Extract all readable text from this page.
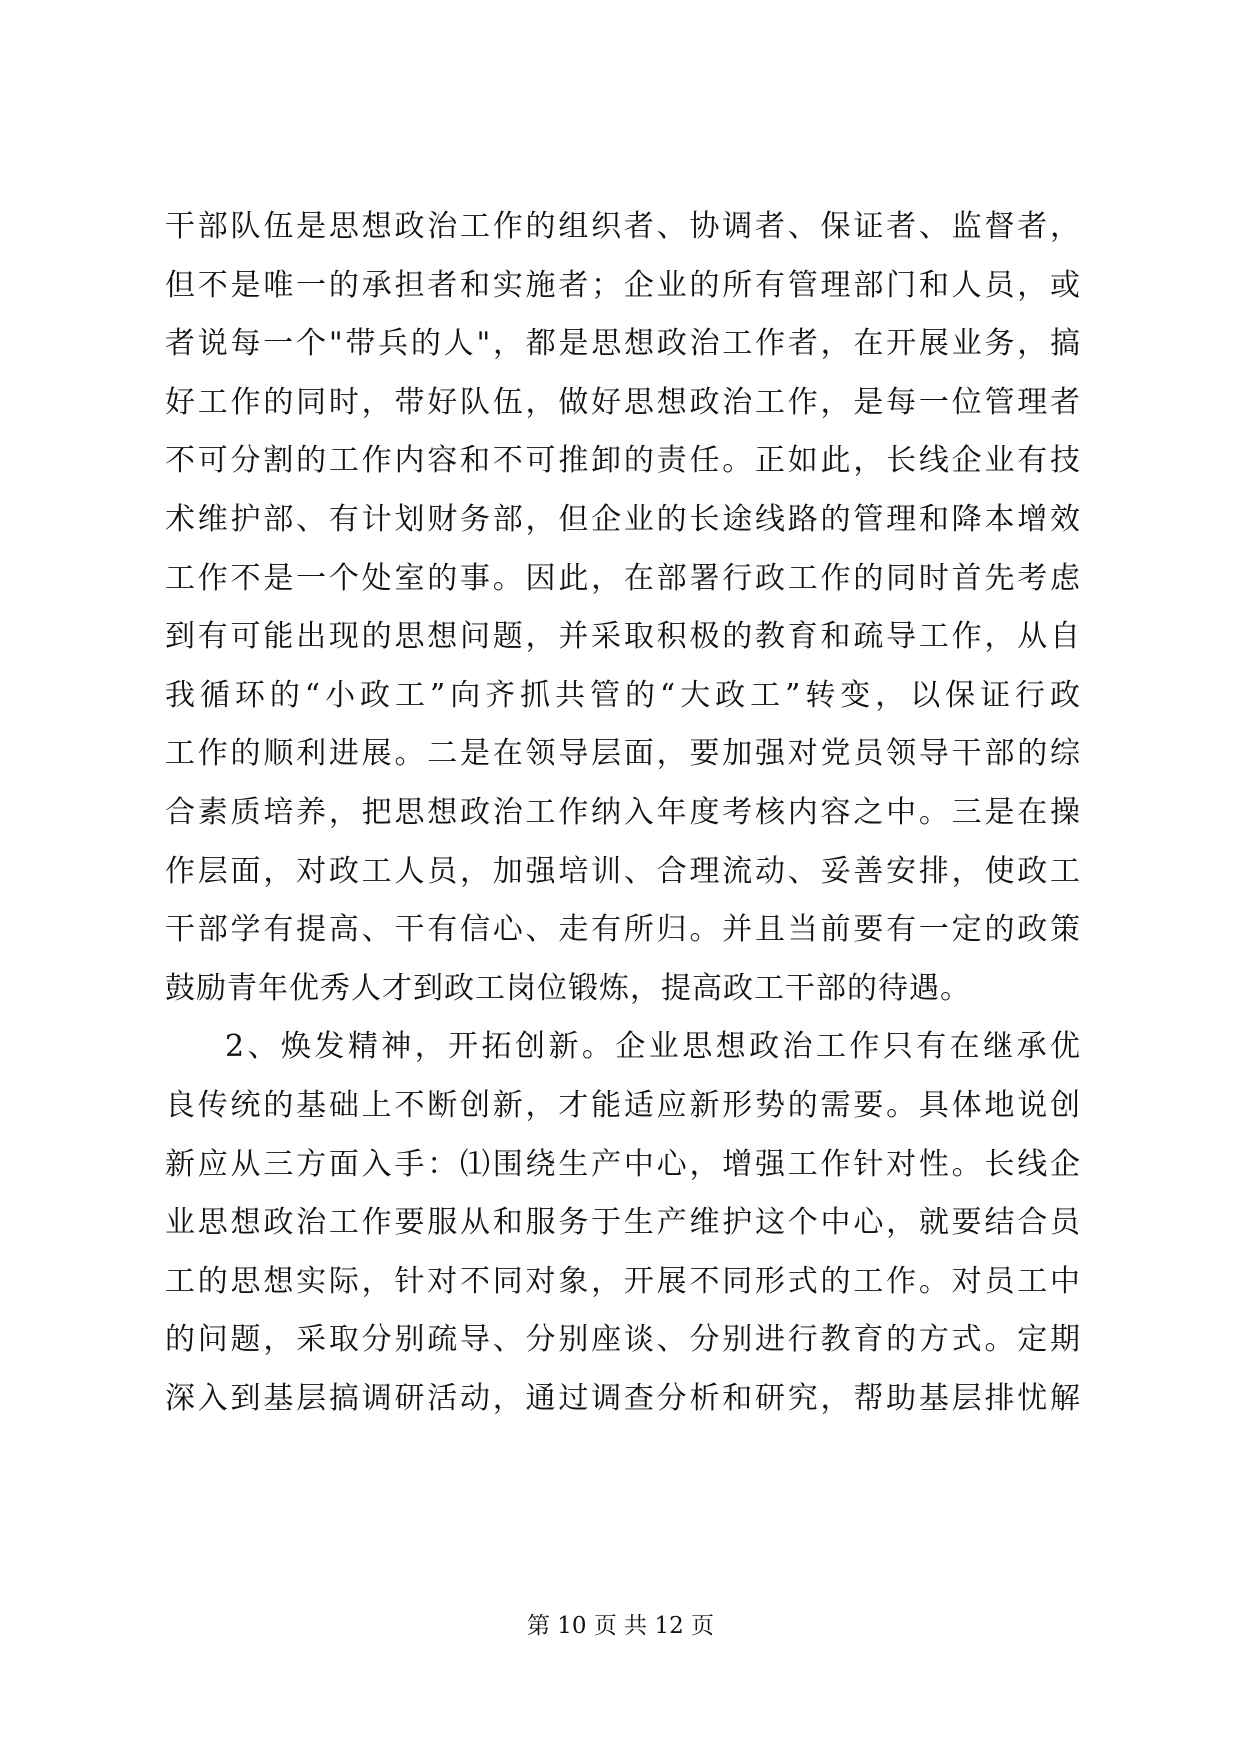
干部队伍是思想政治工作的组织者、协调者、保证者、监督者，
但不是唯一的承担者和实施者；企业的所有管理部门和人员，或
者说每一个"带兵的人"，都是思想政治工作者，在开展业务，搞
好工作的同时，带好队伍，做好思想政治工作，是每一位管理者
不可分割的工作内容和不可推卸的责任。正如此，长线企业有技
术维护部、有计划财务部，但企业的长途线路的管理和降本增效
工作不是一个处室的事。因此，在部署行政工作的同时首先考虑
到有可能出现的思想问题，并采取积极的教育和疏导工作，从自
我循环的“小政工”向齐抓共管的“大政工”转变，以保证行政
工作的顺利进展。二是在领导层面，要加强对党员领导干部的综
合素质培养，把思想政治工作纳入年度考核内容之中。三是在操
作层面，对政工人员，加强培训、合理流动、妥善安排，使政工
干部学有提高、干有信心、走有所归。并且当前要有一定的政策
鼓励青年优秀人才到政工岗位锻炼，提高政工干部的待遇。
2、焕发精神，开拓创新。企业思想政治工作只有在继承优
良传统的基础上不断创新，才能适应新形势的需要。具体地说创
新应从三方面入手：⑴围绕生产中心，增强工作针对性。长线企
业思想政治工作要服从和服务于生产维护这个中心，就要结合员
工的思想实际，针对不同对象，开展不同形式的工作。对员工中
的问题，采取分别疏导、分别座谈、分别进行教育的方式。定期
深入到基层搞调研活动，通过调查分析和研究，帮助基层排忧解
第 10 页 共 12 页
